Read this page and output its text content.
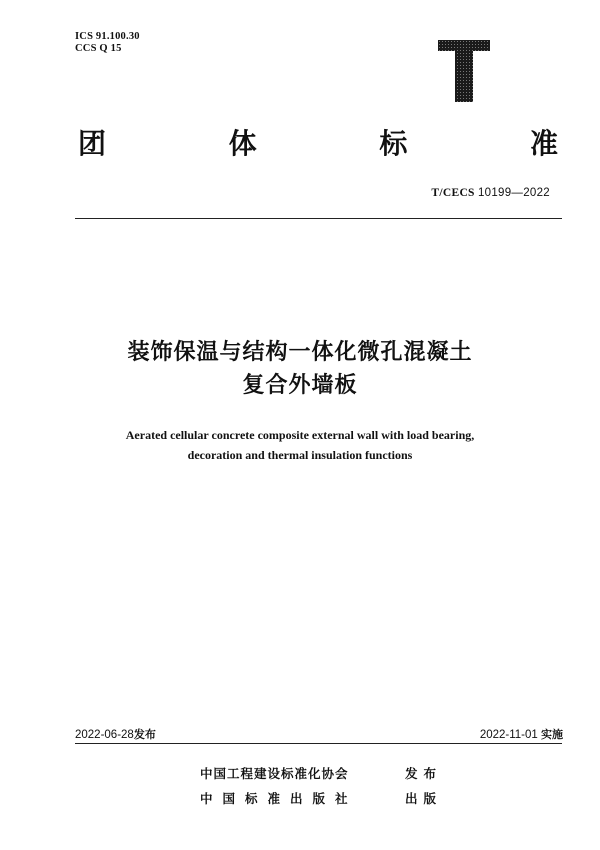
ICS 91.100.30
CCS Q 15
团	体	标	准
T/CECS 10199—2022
装饰保温与结构一体化微孔混凝土
复合外墙板
Aerated cellular concrete composite external wall with load bearing,
decoration and thermal insulation functions
2022-06-28发布	2022-11-01 实施
中国工程建设标准化协会	发布
中国标准出版社	出版
